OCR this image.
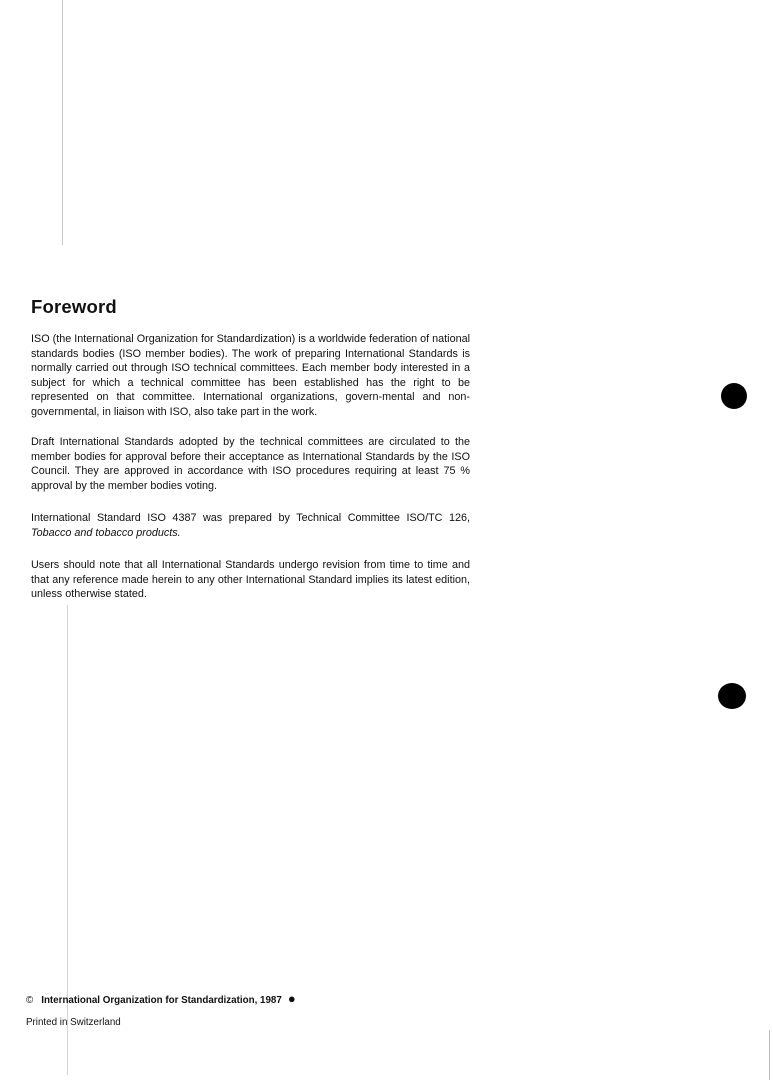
Foreword

ISO (the International Organization for Standardization) is a worldwide federation of national standards bodies (ISO member bodies). The work of preparing International Standards is normally carried out through ISO technical committees. Each member body interested in a subject for which a technical committee has been established has the right to be represented on that committee. International organizations, govern-mental and non-governmental, in liaison with ISO, also take part in the work.

Draft International Standards adopted by the technical committees are circulated to the member bodies for approval before their acceptance as International Standards by the ISO Council. They are approved in accordance with ISO procedures requiring at least 75 % approval by the member bodies voting.

International Standard ISO 4387 was prepared by Technical Committee ISO/TC 126, Tobacco and tobacco products.

Users should note that all International Standards undergo revision from time to time and that any reference made herein to any other International Standard implies its latest edition, unless otherwise stated.

© International Organization for Standardization, 1987 ●

Printed in Switzerland
